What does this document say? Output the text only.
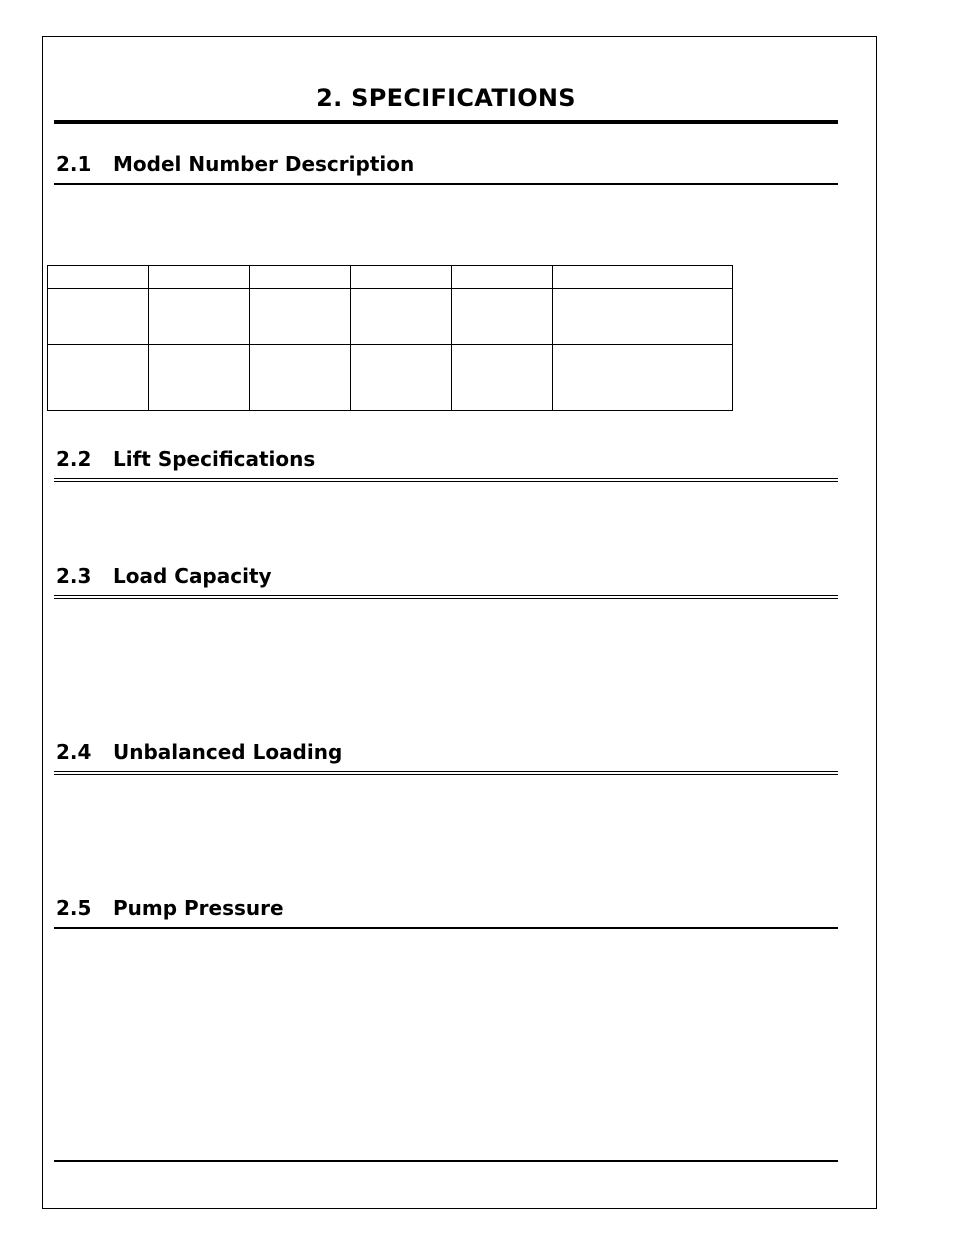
2. SPECIFICATIONS
2.1 Model Number Description

2.2 Lift Specifications
2.3 Load Capacity
2.4 Unbalanced Loading
2.5 Pump Pressure
